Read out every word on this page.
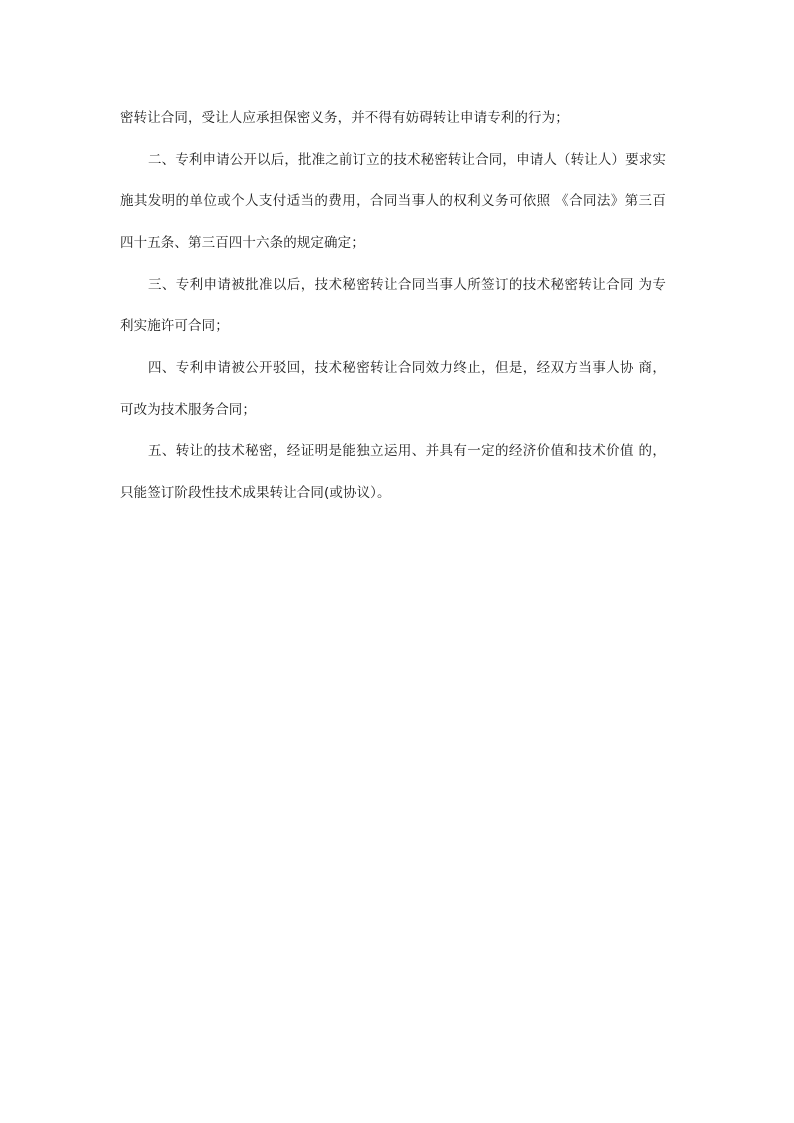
密转让合同，受让人应承担保密义务，并不得有妨碍转让申请专利的行为；
二、专利申请公开以后，批准之前订立的技术秘密转让合同，申请人（转让人）要求实
施其发明的单位或个人支付适当的费用，合同当事人的权利义务可依照 《合同法》第三百
四十五条、第三百四十六条的规定确定；
三、专利申请被批准以后，技术秘密转让合同当事人所签订的技术秘密转让合同 为专
利实施许可合同；
四、专利申请被公开驳回，技术秘密转让合同效力终止，但是，经双方当事人协 商，
可改为技术服务合同；
五、转让的技术秘密，经证明是能独立运用、并具有一定的经济价值和技术价值 的，
只能签订阶段性技术成果转让合同(或协议）。
